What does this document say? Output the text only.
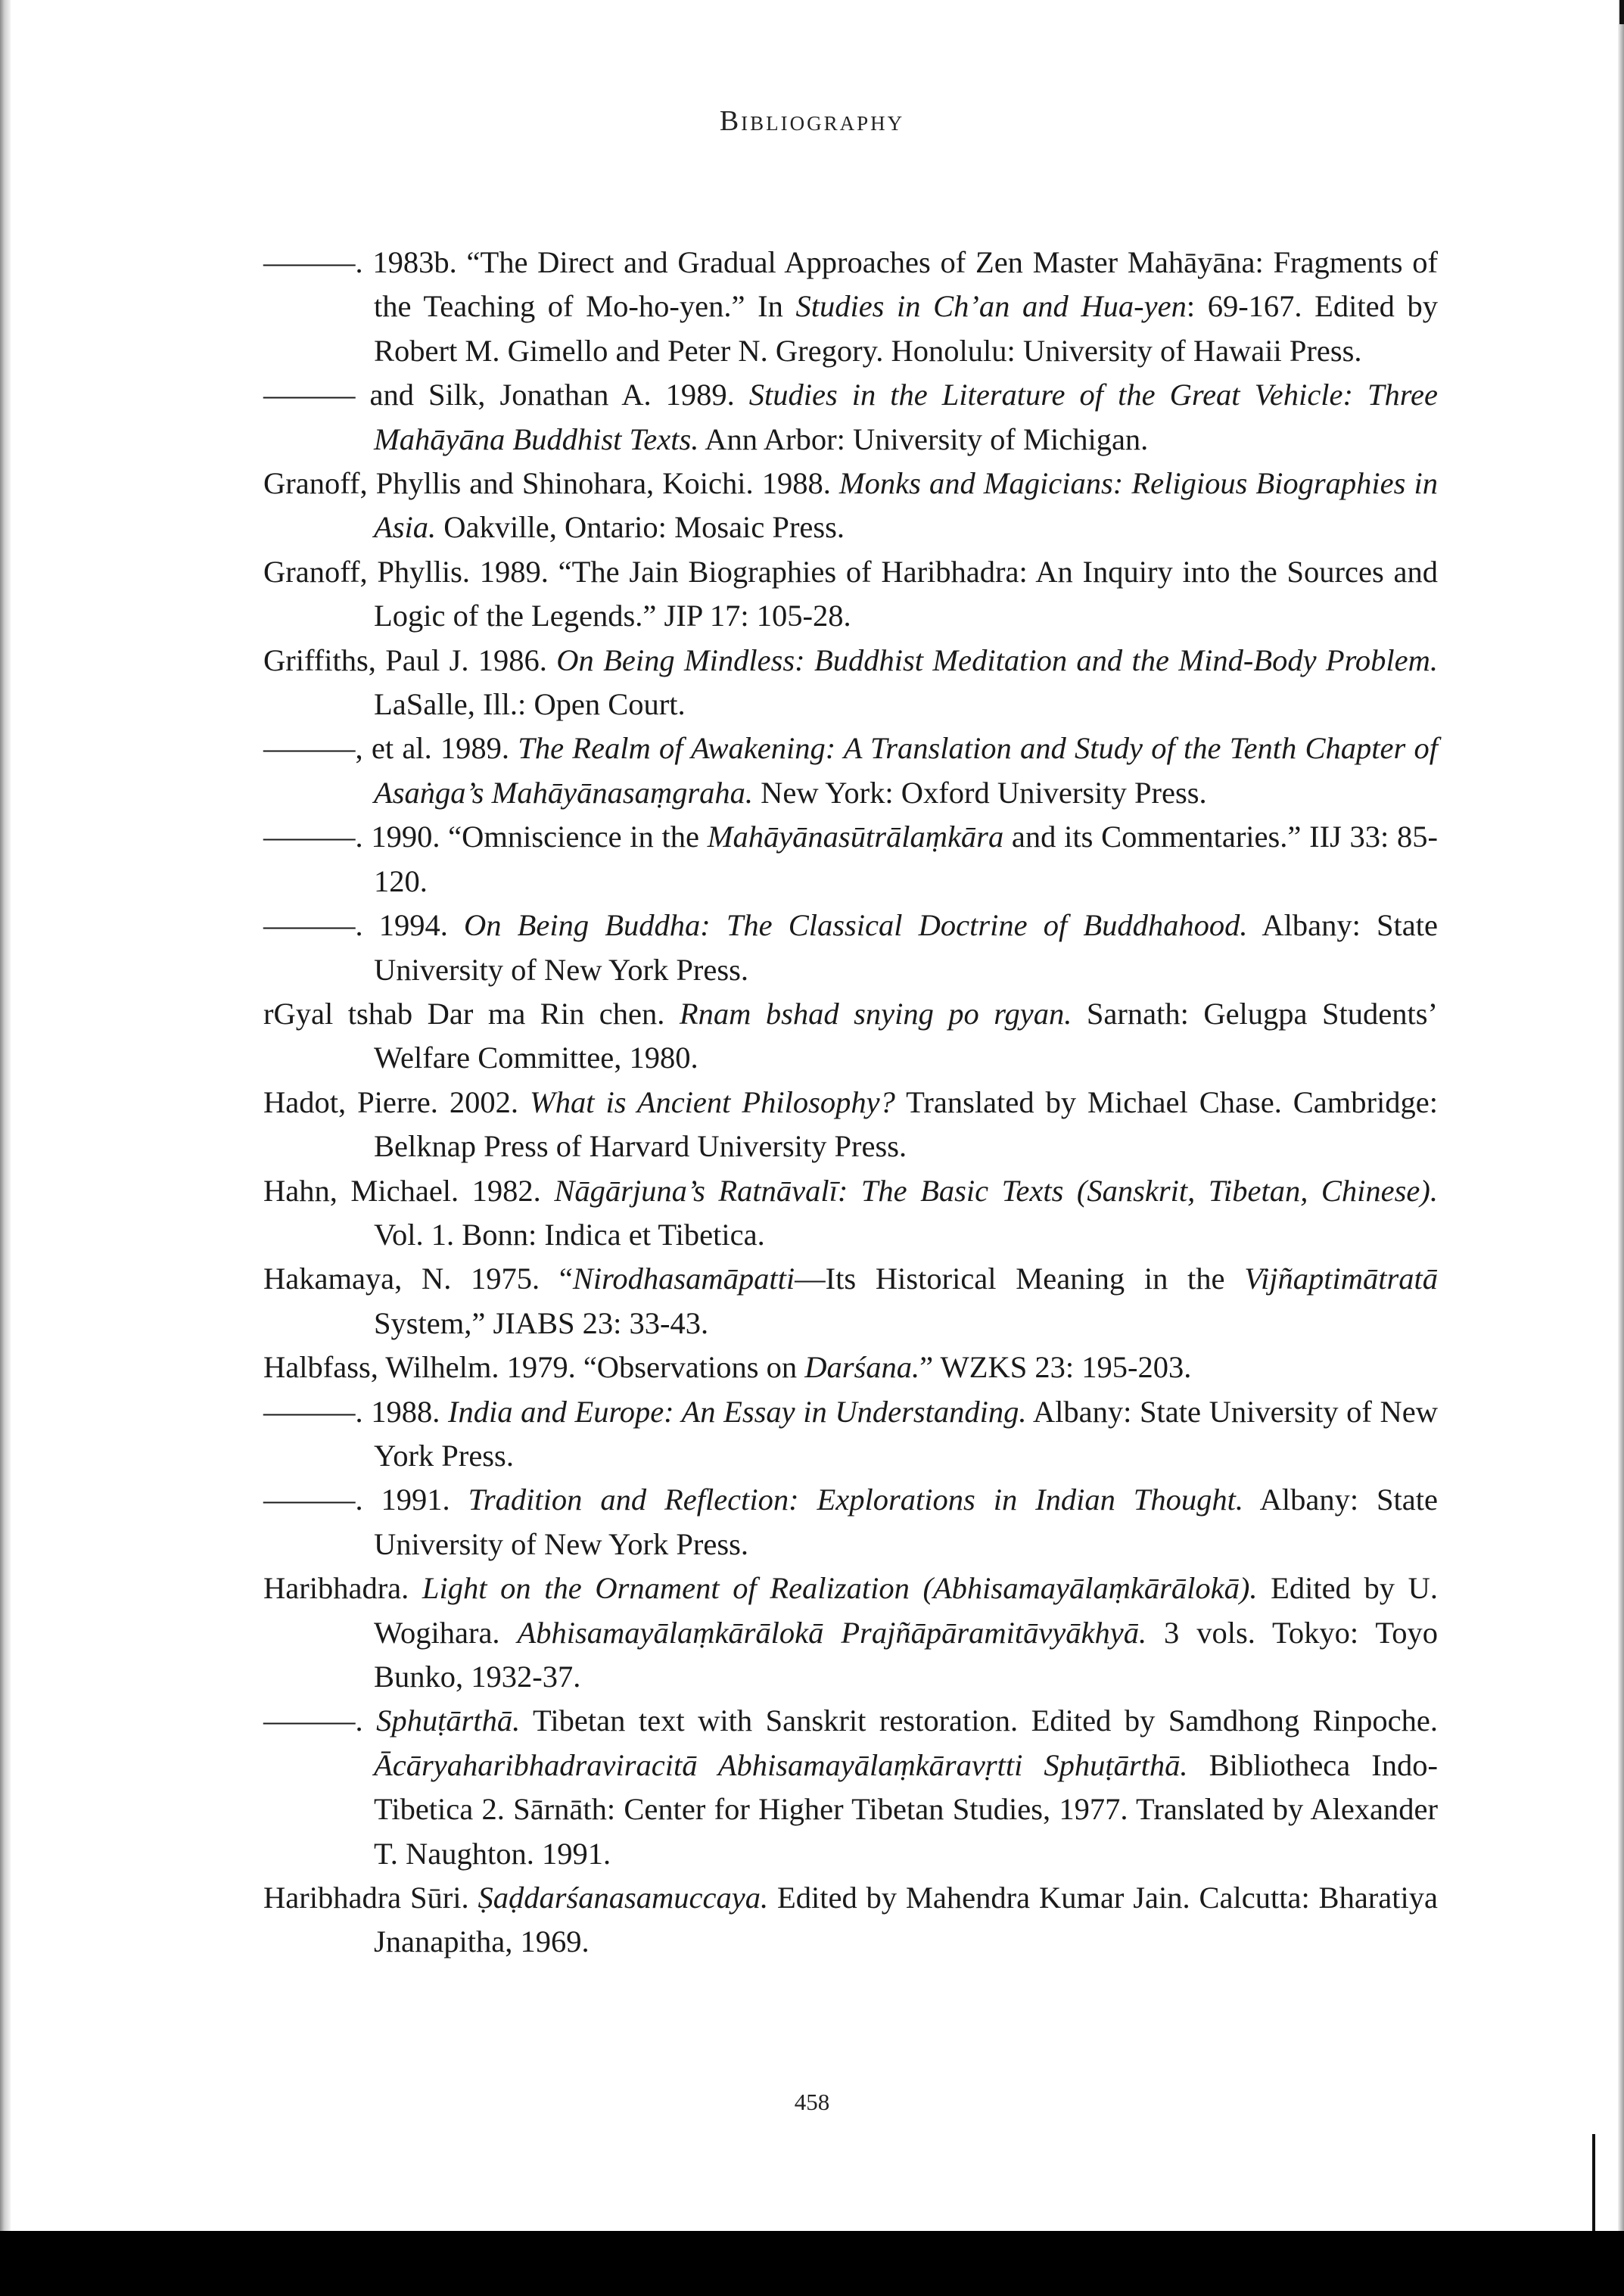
Bibliography

———. 1983b. “The Direct and Gradual Approaches of Zen Master Mahāyāna: Fragments of the Teaching of Mo-ho-yen.” In Studies in Ch’an and Hua-yen: 69-167. Edited by Robert M. Gimello and Peter N. Gregory. Honolulu: University of Hawaii Press.

——— and Silk, Jonathan A. 1989. Studies in the Literature of the Great Vehicle: Three Mahāyāna Buddhist Texts. Ann Arbor: University of Michigan.

Granoff, Phyllis and Shinohara, Koichi. 1988. Monks and Magicians: Religious Biographies in Asia. Oakville, Ontario: Mosaic Press.

Granoff, Phyllis. 1989. “The Jain Biographies of Haribhadra: An Inquiry into the Sources and Logic of the Legends.” JIP 17: 105-28.

Griffiths, Paul J. 1986. On Being Mindless: Buddhist Meditation and the Mind-Body Problem. LaSalle, Ill.: Open Court.

———, et al. 1989. The Realm of Awakening: A Translation and Study of the Tenth Chapter of Asaṅga’s Mahāyānasaṃgraha. New York: Oxford University Press.

———. 1990. “Omniscience in the Mahāyānasūtrālaṃkāra and its Commentaries.” IIJ 33: 85-120.

———. 1994. On Being Buddha: The Classical Doctrine of Buddhahood. Albany: State University of New York Press.

rGyal tshab Dar ma Rin chen. Rnam bshad snying po rgyan. Sarnath: Gelugpa Students’ Welfare Committee, 1980.

Hadot, Pierre. 2002. What is Ancient Philosophy? Translated by Michael Chase. Cambridge: Belknap Press of Harvard University Press.

Hahn, Michael. 1982. Nāgārjuna’s Ratnāvalī: The Basic Texts (Sanskrit, Tibetan, Chinese). Vol. 1. Bonn: Indica et Tibetica.

Hakamaya, N. 1975. “Nirodhasamāpatti—Its Historical Meaning in the Vijñaptimātratā System,” JIABS 23: 33-43.

Halbfass, Wilhelm. 1979. “Observations on Darśana.” WZKS 23: 195-203.

———. 1988. India and Europe: An Essay in Understanding. Albany: State University of New York Press.

———. 1991. Tradition and Reflection: Explorations in Indian Thought. Albany: State University of New York Press.

Haribhadra. Light on the Ornament of Realization (Abhisamayālaṃkārālokā). Edited by U. Wogihara. Abhisamayālaṃkārālokā Prajñāpāramitāvyākhyā. 3 vols. Tokyo: Toyo Bunko, 1932-37.

———. Sphuṭārthā. Tibetan text with Sanskrit restoration. Edited by Samdhong Rinpoche. Ācāryaharibhadraviracitā Abhisamayālaṃkāravṛtti Sphuṭārthā. Bibliotheca Indo-Tibetica 2. Sārnāth: Center for Higher Tibetan Studies, 1977. Translated by Alexander T. Naughton. 1991.

Haribhadra Sūri. Ṣaḍdarśanasamuccaya. Edited by Mahendra Kumar Jain. Calcutta: Bharatiya Jnanapitha, 1969.

458
